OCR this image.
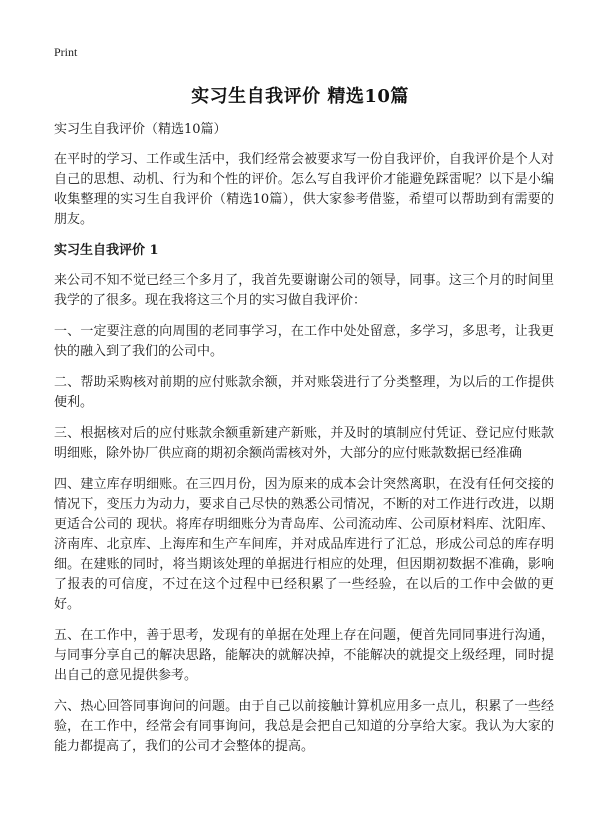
Print
实习生自我评价 精选10篇

实习生自我评价（精选10篇）

在平时的学习、工作或生活中，我们经常会被要求写一份自我评价，自我评价是个人对自己的思想、动机、行为和个性的评价。怎么写自我评价才能避免踩雷呢？以下是小编收集整理的实习生自我评价（精选10篇），供大家参考借鉴，希望可以帮助到有需要的朋友。

实习生自我评价 1

来公司不知不觉已经三个多月了，我首先要谢谢公司的领导，同事。这三个月的时间里我学的了很多。现在我将这三个月的实习做自我评价：

一、一定要注意的向周围的老同事学习，在工作中处处留意，多学习，多思考，让我更快的融入到了我们的公司中。

二、帮助采购核对前期的应付账款余额，并对账袋进行了分类整理，为以后的工作提供便利。

三、根据核对后的应付账款余额重新建产新账，并及时的填制应付凭证、登记应付账款明细账，除外协厂供应商的期初余额尚需核对外，大部分的应付账款数据已经准确

四、建立库存明细账。在三四月份，因为原来的成本会计突然离职，在没有任何交接的情况下，变压力为动力，要求自己尽快的熟悉公司情况，不断的对工作进行改进，以期更适合公司的 现状。将库存明细账分为青岛库、公司流动库、公司原材料库、沈阳库、济南库、北京库、上海库和生产车间库，并对成品库进行了汇总，形成公司总的库存明细。在建账的同时，将当期该处理的单据进行相应的处理，但因期初数据不准确，影响了报表的可信度，不过在这个过程中已经积累了一些经验，在以后的工作中会做的更好。

五、在工作中，善于思考，发现有的单据在处理上存在问题，便首先同同事进行沟通，与同事分享自己的解决思路，能解决的就解决掉，不能解决的就提交上级经理，同时提出自己的意见提供参考。

六、热心回答同事询问的问题。由于自己以前接触计算机应用多一点儿，积累了一些经验，在工作中，经常会有同事询问，我总是会把自己知道的分享给大家。我认为大家的能力都提高了，我们的公司才会整体的提高。
